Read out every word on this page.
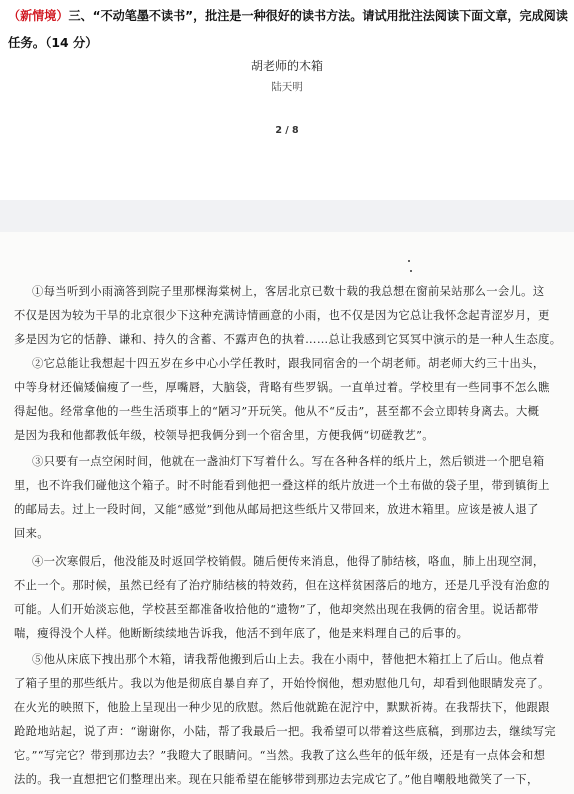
（新情境）三、“不动笔墨不读书”，批注是一种很好的读书方法。请试用批注法阅读下面文章，完成阅读
任务。（14 分）
胡老师的木箱
陆天明
2 / 8
①每当听到小雨滴答到院子里那棵海棠树上，客居北京已数十载的我总想在窗前呆站那么一会儿。这
不仅是因为较为干旱的北京很少下这种充满诗情画意的小雨，也不仅是因为它总让我怀念起青涩岁月，更
多是因为它的恬静、谦和、持久的含蓄、不露声色的执着……总让我感到它冥冥中演示的是一种人生态度。
②它总能让我想起十四五岁在乡中心小学任教时，跟我同宿舍的一个胡老师。胡老师大约三十出头，
中等身材还偏矮偏瘦了一些，厚嘴唇，大脑袋，背略有些罗锅。一直单过着。学校里有一些同事不怎么瞧
得起他。经常拿他的一些生活琐事上的“陋习”开玩笑。他从不“反击”，甚至都不会立即转身离去。大概
是因为我和他都教低年级，校领导把我俩分到一个宿舍里，方便我俩“切磋教艺”。
③只要有一点空闲时间，他就在一盏油灯下写着什么。写在各种各样的纸片上，然后锁进一个肥皂箱
里，也不许我们碰他这个箱子。时不时能看到他把一叠这样的纸片放进一个土布做的袋子里，带到镇街上
的邮局去。过上一段时间，又能“感觉”到他从邮局把这些纸片又带回来，放进木箱里。应该是被人退了
回来。
④一次寒假后，他没能及时返回学校销假。随后便传来消息，他得了肺结核，咯血，肺上出现空洞，
不止一个。那时候，虽然已经有了治疗肺结核的特效药，但在这样贫困落后的地方，还是几乎没有治愈的
可能。人们开始淡忘他，学校甚至都准备收拾他的“遗物”了，他却突然出现在我俩的宿舍里。说话都带
喘，瘦得没个人样。他断断续续地告诉我，他活不到年底了，他是来料理自己的后事的。
⑤他从床底下拽出那个木箱，请我帮他搬到后山上去。我在小雨中，替他把木箱扛上了后山。他点着
了箱子里的那些纸片。我以为他是彻底自暴自弃了，开始怜悯他，想劝慰他几句，却看到他眼睛发亮了。
在火光的映照下，他脸上呈现出一种少见的欣慰。然后他就跪在泥泞中，默默祈祷。在我帮扶下，他跟跟
跄跄地站起，说了声：“谢谢你，小陆，帮了我最后一把。我希望可以带着这些底稿，到那边去，继续写完
它。”“写完它？带到那边去？”我瞪大了眼睛问。“当然。我教了这么些年的低年级，还是有一点体会和想
法的。我一直想把它们整理出来。现在只能希望在能够带到那边去完成它了。”他自嘲般地微笑了一下，
